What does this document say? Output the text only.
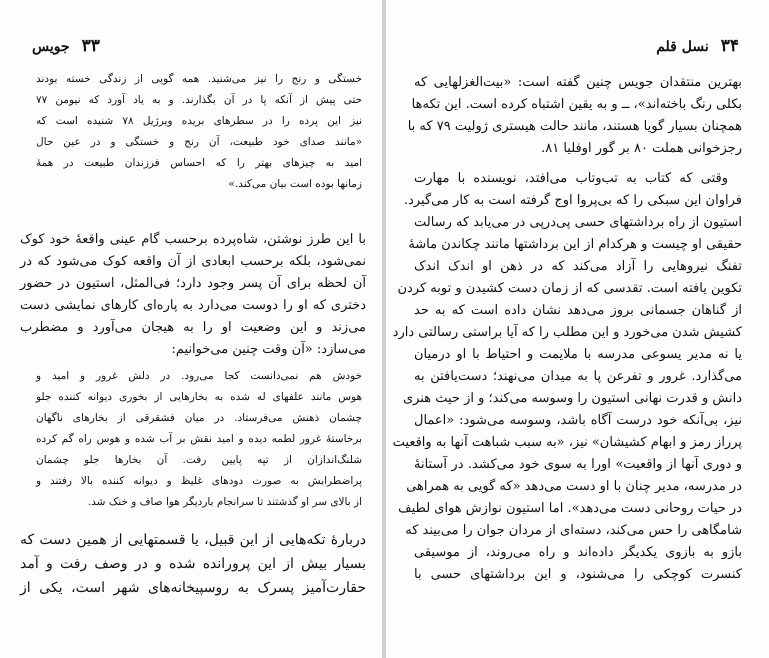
۳۳جویس
خستگی و رنج را نیز می‌شنید. همه گویی از زندگی خسته بودند
حتی پیش از آنکه پا در آن بگذارند. و به یاد آورد که نیومن ۷۷
نیز این پرده را در سطرهای بریده ویرژیل ۷۸ شنیده است که
«مانند صدای خود طبیعت، آن رنج و خستگی و در عین حال
امید به چیزهای بهتر را که احساس فرزندان طبیعت در همهٔ
زمانها بوده است بیان می‌کند.»
با این طرز نوشتن، شاه‌پرده برحسب گام عینی واقعهٔ خود کوک
نمی‌شود، بلکه برحسب ابعادی از آن واقعه کوک می‌شود که در
آن لحظه برای آن پسر وجود دارد؛ فی‌المثل، استیون در حضور
دختری که او را دوست می‌دارد به پاره‌ای کارهای نمایشی دست
می‌زند و این وضعیت او را به هیجان می‌آورد و مضطرب
می‌سازد: «آن وقت چنین می‌خوانیم:
خودش هم نمی‌دانست کجا می‌رود. در دلش غرور و امید و
هوس مانند علفهای له شده به بخارهایی از بخوری دیوانه کننده جلو
چشمان ذهنش می‌فرستاد. در میان فشقرقی از بخارهای ناگهان
برخاستهٔ غرور لطمه دیده و امید نقش بر آب شده و هوس راه گم کرده
شلنگ‌اندازان از تپه پایین رفت. آن بخارها جلو چشمان
پراضطرابش به صورت دودهای غلیظ و دیوانه کننده بالا رفتند و
از بالای سر او گذشتند تا سرانجام باردیگر هوا صاف و خنک شد.
دربارهٔ تکه‌هایی از این قبیل، یا قسمتهایی از همین دست که
بسیار بیش از این پرورانده شده و در وصف رفت و آمد
حقارت‌آمیز پسرک به روسپیخانه‌های شهر است، یکی از
۳۴نسل قلم
بهترین منتقدان جویس چنین گفته است: «بیت‌الغزلهایی که
بکلی رنگ باخته‌اند»، ــ و به یقین اشتباه کرده است. این تکه‌ها
همچنان بسیار گویا هستند، مانند حالت هیستری ژولیت ۷۹ که با
رجزخوانی هملت ۸۰ بر گور اوفلیا ۸۱.
وقتی که کتاب به تب‌وتاب می‌افتد، نویسنده با مهارت
فراوان این سبکی را که بی‌پروا اوج گرفته است به کار می‌گیرد.
استیون از راه برداشتهای حسی پی‌درپی در می‌یابد که رسالت
حقیقی او چیست و هرکدام از این برداشتها مانند چکاندن ماشهٔ
تفنگ نیروهایی را آزاد می‌کند که در ذهن او اندک اندک
تکوین یافته است. تقدسی که از زمان دست کشیدن و توبه کردن
از گناهان جسمانی بروز می‌دهد نشان داده است که به حد
کشیش شدن می‌خورد و این مطلب را که آیا براستی رسالتی دارد
یا نه مدیر یسوعی مدرسه با ملایمت و احتیاط با او درمیان
می‌گذارد. غرور و تفرعن پا به میدان می‌نهند؛ دست‌یافتن به
دانش و قدرت نهانی استیون را وسوسه می‌کند؛ و از حیث هنری
نیز، بی‌آنکه خود درست آگاه باشد، وسوسه می‌شود: «اعمال
پرراز رمز و ابهام کشیشان» نیز، «به سبب شباهت آنها به واقعیت
و دوری آنها از واقعیت» اورا به سوی خود می‌کشد. در آستانهٔ
در مدرسه، مدیر چنان با او دست می‌دهد «که گویی به همراهی
در حیات روحانی دست می‌دهد». اما استیون نوازش هوای لطیف
شامگاهی را حس می‌کند، دسته‌ای از مردان جوان را می‌بیند که
بازو به بازوی یکدیگر داده‌اند و راه می‌روند، از موسیقی
کنسرت کوچکی را می‌شنود، و این برداشتهای حسی با
